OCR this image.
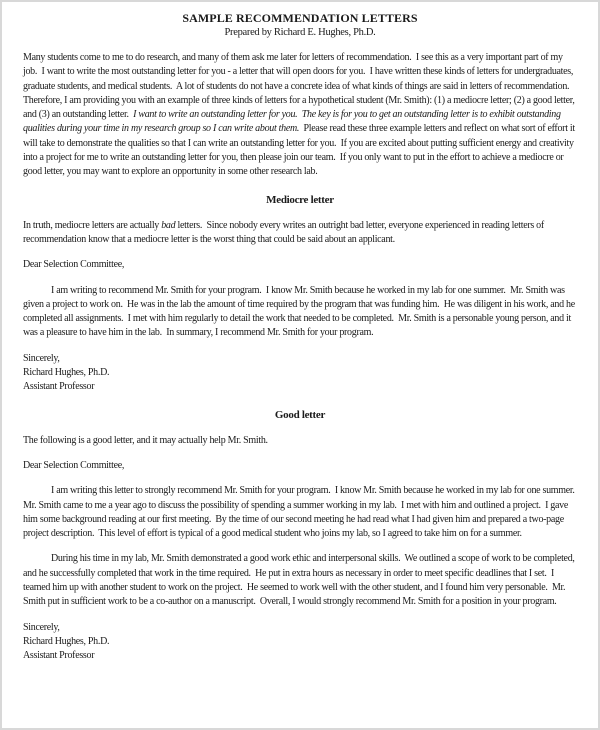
SAMPLE RECOMMENDATION LETTERS
Prepared by Richard E. Hughes, Ph.D.

Many students come to me to do research, and many of them ask me later for letters of recommendation.  I see this as a very important part of my job.  I want to write the most outstanding letter for you - a letter that will open doors for you.  I have written these kinds of letters for undergraduates, graduate students, and medical students.  A lot of students do not have a concrete idea of what kinds of things are said in letters of recommendation.  Therefore, I am providing you with an example of three kinds of letters for a hypothetical student (Mr. Smith): (1) a mediocre letter; (2) a good letter, and (3) an outstanding letter.  I want to write an outstanding letter for you.  The key is for you to get an outstanding letter is to exhibit outstanding qualities during your time in my research group so I can write about them.  Please read these three example letters and reflect on what sort of effort it will take to demonstrate the qualities so that I can write an outstanding letter for you.  If you are excited about putting sufficient energy and creativity into a project for me to write an outstanding letter for you, then please join our team.  If you only want to put in the effort to achieve a mediocre or good letter, you may want to explore an opportunity in some other research lab.

Mediocre letter

In truth, mediocre letters are actually bad letters.  Since nobody every writes an outright bad letter, everyone experienced in reading letters of recommendation know that a mediocre letter is the worst thing that could be said about an applicant.

Dear Selection Committee,

I am writing to recommend Mr. Smith for your program.  I know Mr. Smith because he worked in my lab for one summer.  Mr. Smith was given a project to work on.  He was in the lab the amount of time required by the program that was funding him.  He was diligent in his work, and he completed all assignments.  I met with him regularly to detail the work that needed to be completed.  Mr. Smith is a personable young person, and it was a pleasure to have him in the lab.  In summary, I recommend Mr. Smith for your program.

Sincerely,
Richard Hughes, Ph.D.
Assistant Professor
Good letter

The following is a good letter, and it may actually help Mr. Smith.

Dear Selection Committee,

I am writing this letter to strongly recommend Mr. Smith for your program.  I know Mr. Smith because he worked in my lab for one summer.  Mr. Smith came to me a year ago to discuss the possibility of spending a summer working in my lab.  I met with him and outlined a project.  I gave him some background reading at our first meeting.  By the time of our second meeting he had read what I had given him and prepared a two-page project description.  This level of effort is typical of a good medical student who joins my lab, so I agreed to take him on for a summer.

During his time in my lab, Mr. Smith demonstrated a good work ethic and interpersonal skills.  We outlined a scope of work to be completed, and he successfully completed that work in the time required.  He put in extra hours as necessary in order to meet specific deadlines that I set.  I teamed him up with another student to work on the project.  He seemed to work well with the other student, and I found him very personable.  Mr. Smith put in sufficient work to be a co-author on a manuscript.  Overall, I would strongly recommend Mr. Smith for a position in your program.

Sincerely,
Richard Hughes, Ph.D.
Assistant Professor
